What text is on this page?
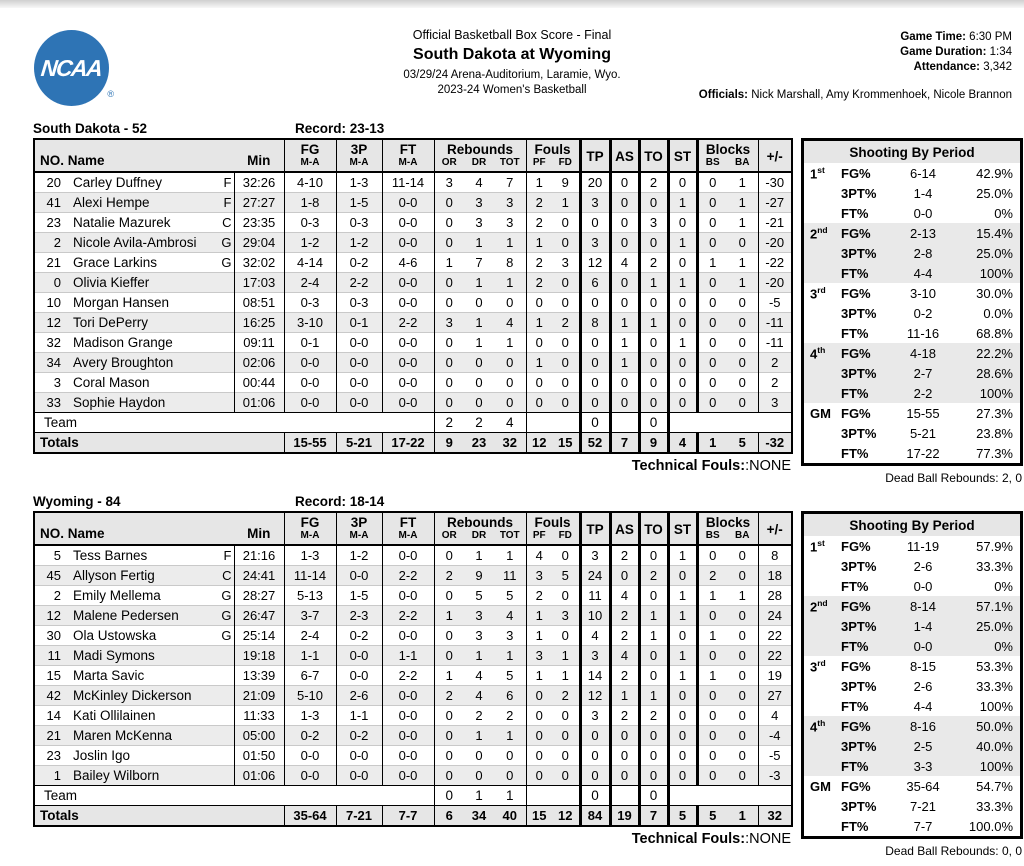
NCAA
®
Official Basketball Box Score - Final
South Dakota at Wyoming
03/29/24 Arena-Auditorium, Laramie, Wyo.
2023-24 Women's Basketball
Game Time: 6:30 PM
Game Duration: 1:34
Attendance: 3,342
Officials: Nick Marshall, Amy Krommenhoek, Nicole Brannon
South Dakota - 52	Record: 23-13
NO. Name			Min	FG	3P	FT	Rebounds			Fouls		TP	AS	TO	ST	Blocks		+/-
				M-A	M-A	M-A	OR	DR	TOT	PF	FD					BS	BA	
20	Carley Duffney	F	32:26	4-10	1-3	11-14	3	4	7	1	9	20	0	2	0	0	1	-30
41	Alexi Hempe	F	27:27	1-8	1-5	0-0	0	3	3	2	1	3	0	0	1	0	1	-27
23	Natalie Mazurek	C	23:35	0-3	0-3	0-0	0	3	3	2	0	0	0	3	0	0	1	-21
2	Nicole Avila-Ambrosi	G	29:04	1-2	1-2	0-0	0	1	1	1	0	3	0	0	1	0	0	-20
21	Grace Larkins	G	32:02	4-14	0-2	4-6	1	7	8	2	3	12	4	2	0	1	1	-22
0	Olivia Kieffer		17:03	2-4	2-2	0-0	0	1	1	2	0	6	0	1	1	0	1	-20
10	Morgan Hansen		08:51	0-3	0-3	0-0	0	0	0	0	0	0	0	0	0	0	0	-5
12	Tori DePerry		16:25	3-10	0-1	2-2	3	1	4	1	2	8	1	1	0	0	0	-11
32	Madison Grange		09:11	0-1	0-0	0-0	0	1	1	0	0	0	1	0	1	0	0	-11
34	Avery Broughton		02:06	0-0	0-0	0-0	0	0	0	1	0	0	1	0	0	0	0	2
3	Coral Mason		00:44	0-0	0-0	0-0	0	0	0	0	0	0	0	0	0	0	0	2
33	Sophie Haydon		01:06	0-0	0-0	0-0	0	0	0	0	0	0	0	0	0	0	0	3
Team							2	2	4			0		0				
Totals				15-55	5-21	17-22	9	23	32	12	15	52	7	9	4	1	5	-32
Technical Fouls::NONE
Shooting By Period
1st	FG%	6-14	42.9%
3PT%	1-4	25.0%
FT%	0-0	0%
2nd	FG%	2-13	15.4%
3PT%	2-8	25.0%
FT%	4-4	100%
3rd	FG%	3-10	30.0%
3PT%	0-2	0.0%
FT%	11-16	68.8%
4th	FG%	4-18	22.2%
3PT%	2-7	28.6%
FT%	2-2	100%
GM FG%	15-55	27.3%
3PT%	5-21	23.8%
FT%	17-22	77.3%
Dead Ball Rebounds: 2, 0
Wyoming - 84	Record: 18-14
NO. Name			Min	FG	3P	FT	Rebounds			Fouls		TP	AS	TO	ST	Blocks		+/-
				M-A	M-A	M-A	OR	DR	TOT	PF	FD					BS	BA	
5	Tess Barnes	F	21:16	1-3	1-2	0-0	0	1	1	4	0	3	2	0	1	0	0	8
45	Allyson Fertig	C	24:41	11-14	0-0	2-2	2	9	11	3	5	24	0	2	0	2	0	18
2	Emily Mellema	G	28:27	5-13	1-5	0-0	0	5	5	2	0	11	4	0	1	1	1	28
12	Malene Pedersen	G	26:47	3-7	2-3	2-2	1	3	4	1	3	10	2	1	1	0	0	24
30	Ola Ustowska	G	25:14	2-4	0-2	0-0	0	3	3	1	0	4	2	1	0	1	0	22
11	Madi Symons		19:18	1-1	0-0	1-1	0	1	1	3	1	3	4	0	1	0	0	22
15	Marta Savic		13:39	6-7	0-0	2-2	1	4	5	1	1	14	2	0	1	1	0	19
42	McKinley Dickerson		21:09	5-10	2-6	0-0	2	4	6	0	2	12	1	1	0	0	0	27
14	Kati Ollilainen		11:33	1-3	1-1	0-0	0	2	2	0	0	3	2	2	0	0	0	4
21	Maren McKenna		05:00	0-2	0-2	0-0	0	1	1	0	0	0	0	0	0	0	0	-4
23	Joslin Igo		01:50	0-0	0-0	0-0	0	0	0	0	0	0	0	0	0	0	0	-5
1	Bailey Wilborn		01:06	0-0	0-0	0-0	0	0	0	0	0	0	0	0	0	0	0	-3
Team							0	1	1			0		0				
Totals				35-64	7-21	7-7	6	34	40	15	12	84	19	7	5	5	1	32
Technical Fouls::NONE
Shooting By Period
1st	FG%	11-19	57.9%
3PT%	2-6	33.3%
FT%	0-0	0%
2nd	FG%	8-14	57.1%
3PT%	1-4	25.0%
FT%	0-0	0%
3rd	FG%	8-15	53.3%
3PT%	2-6	33.3%
FT%	4-4	100%
4th	FG%	8-16	50.0%
3PT%	2-5	40.0%
FT%	3-3	100%
GM FG%	35-64	54.7%
3PT%	7-21	33.3%
FT%	7-7	100.0%
Dead Ball Rebounds: 0, 0
